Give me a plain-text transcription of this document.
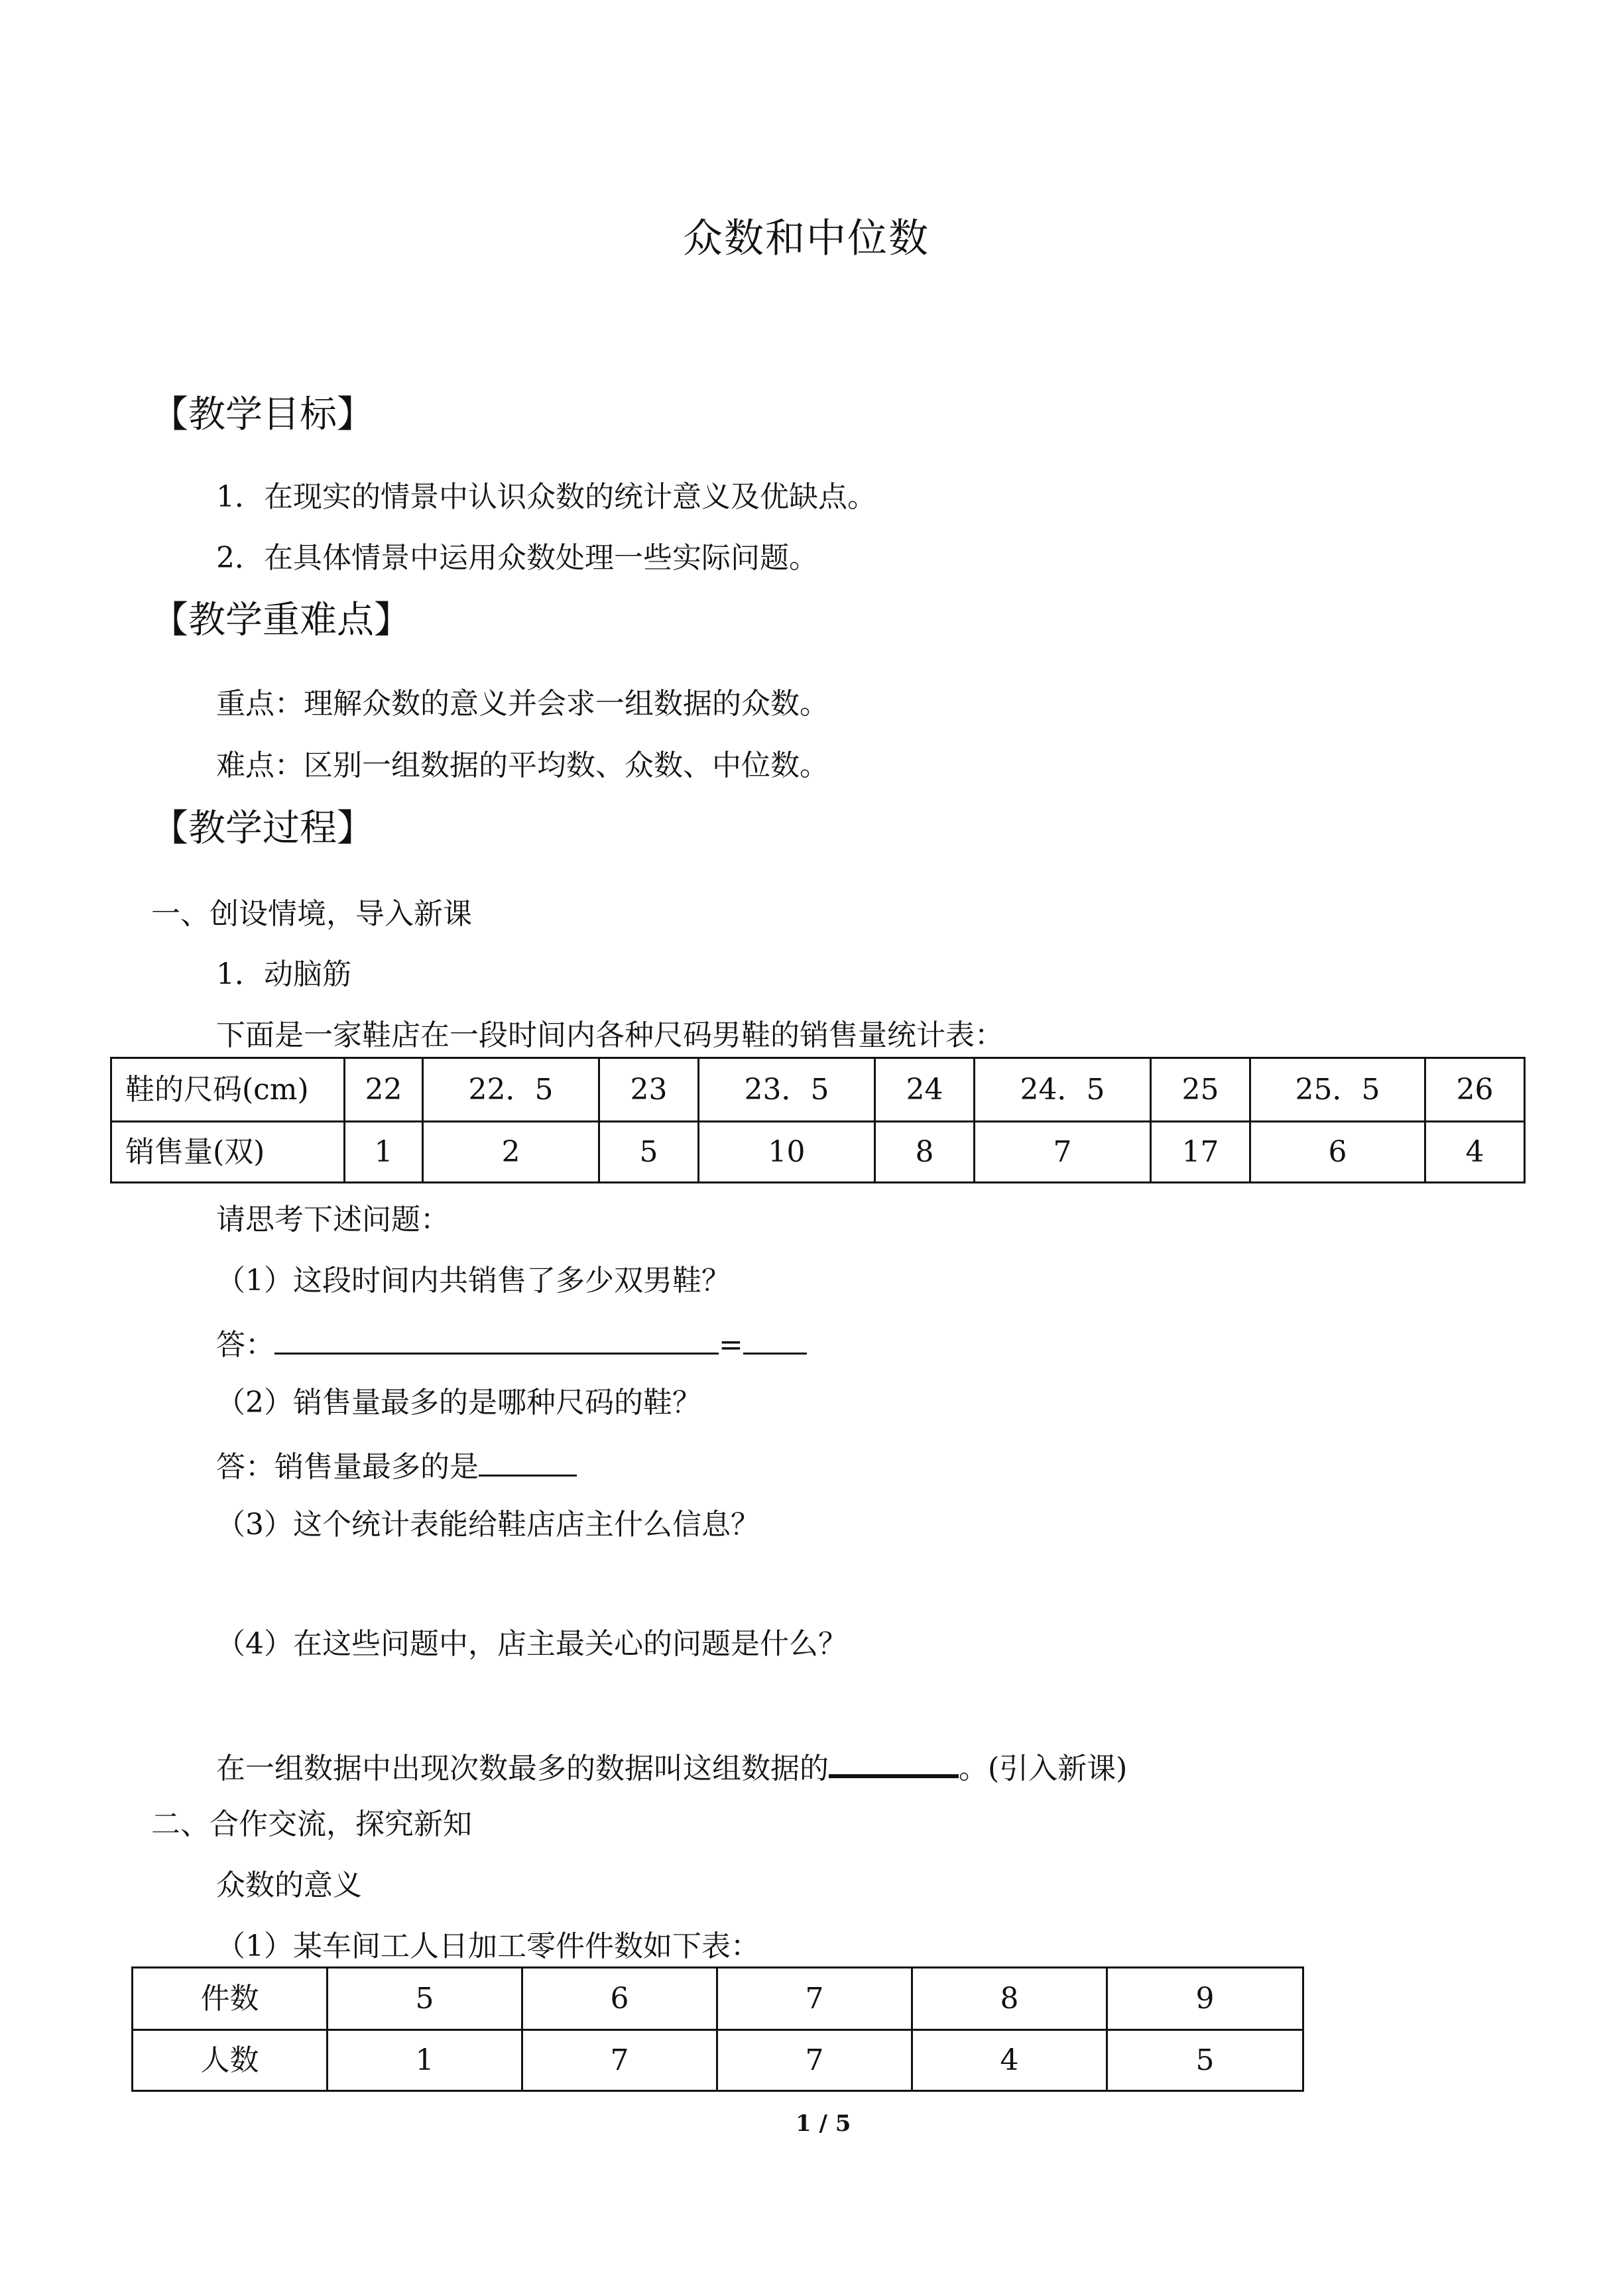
众数和中位数
【教学目标】
1．在现实的情景中认识众数的统计意义及优缺点。
2．在具体情景中运用众数处理一些实际问题。
【教学重难点】
重点：理解众数的意义并会求一组数据的众数。
难点：区别一组数据的平均数、众数、中位数。
【教学过程】
一、创设情境，导入新课
1．动脑筋
下面是一家鞋店在一段时间内各种尺码男鞋的销售量统计表：
鞋的尺码(cm)	22	22．5	23	23．5	24	24．5	25	25．5	26
销售量(双)	1	2	5	10	8	7	17	6	4
请思考下述问题：
（1）这段时间内共销售了多少双男鞋？
答：	=
（2）销售量最多的是哪种尺码的鞋？
答：销售量最多的是
（3）这个统计表能给鞋店店主什么信息？
（4）在这些问题中，店主最关心的问题是什么？
在一组数据中出现次数最多的数据叫这组数据的	。(引入新课)
二、合作交流，探究新知
众数的意义
（1）某车间工人日加工零件件数如下表：
件数	5	6	7	8	9
人数	1	7	7	4	5
1 / 5
